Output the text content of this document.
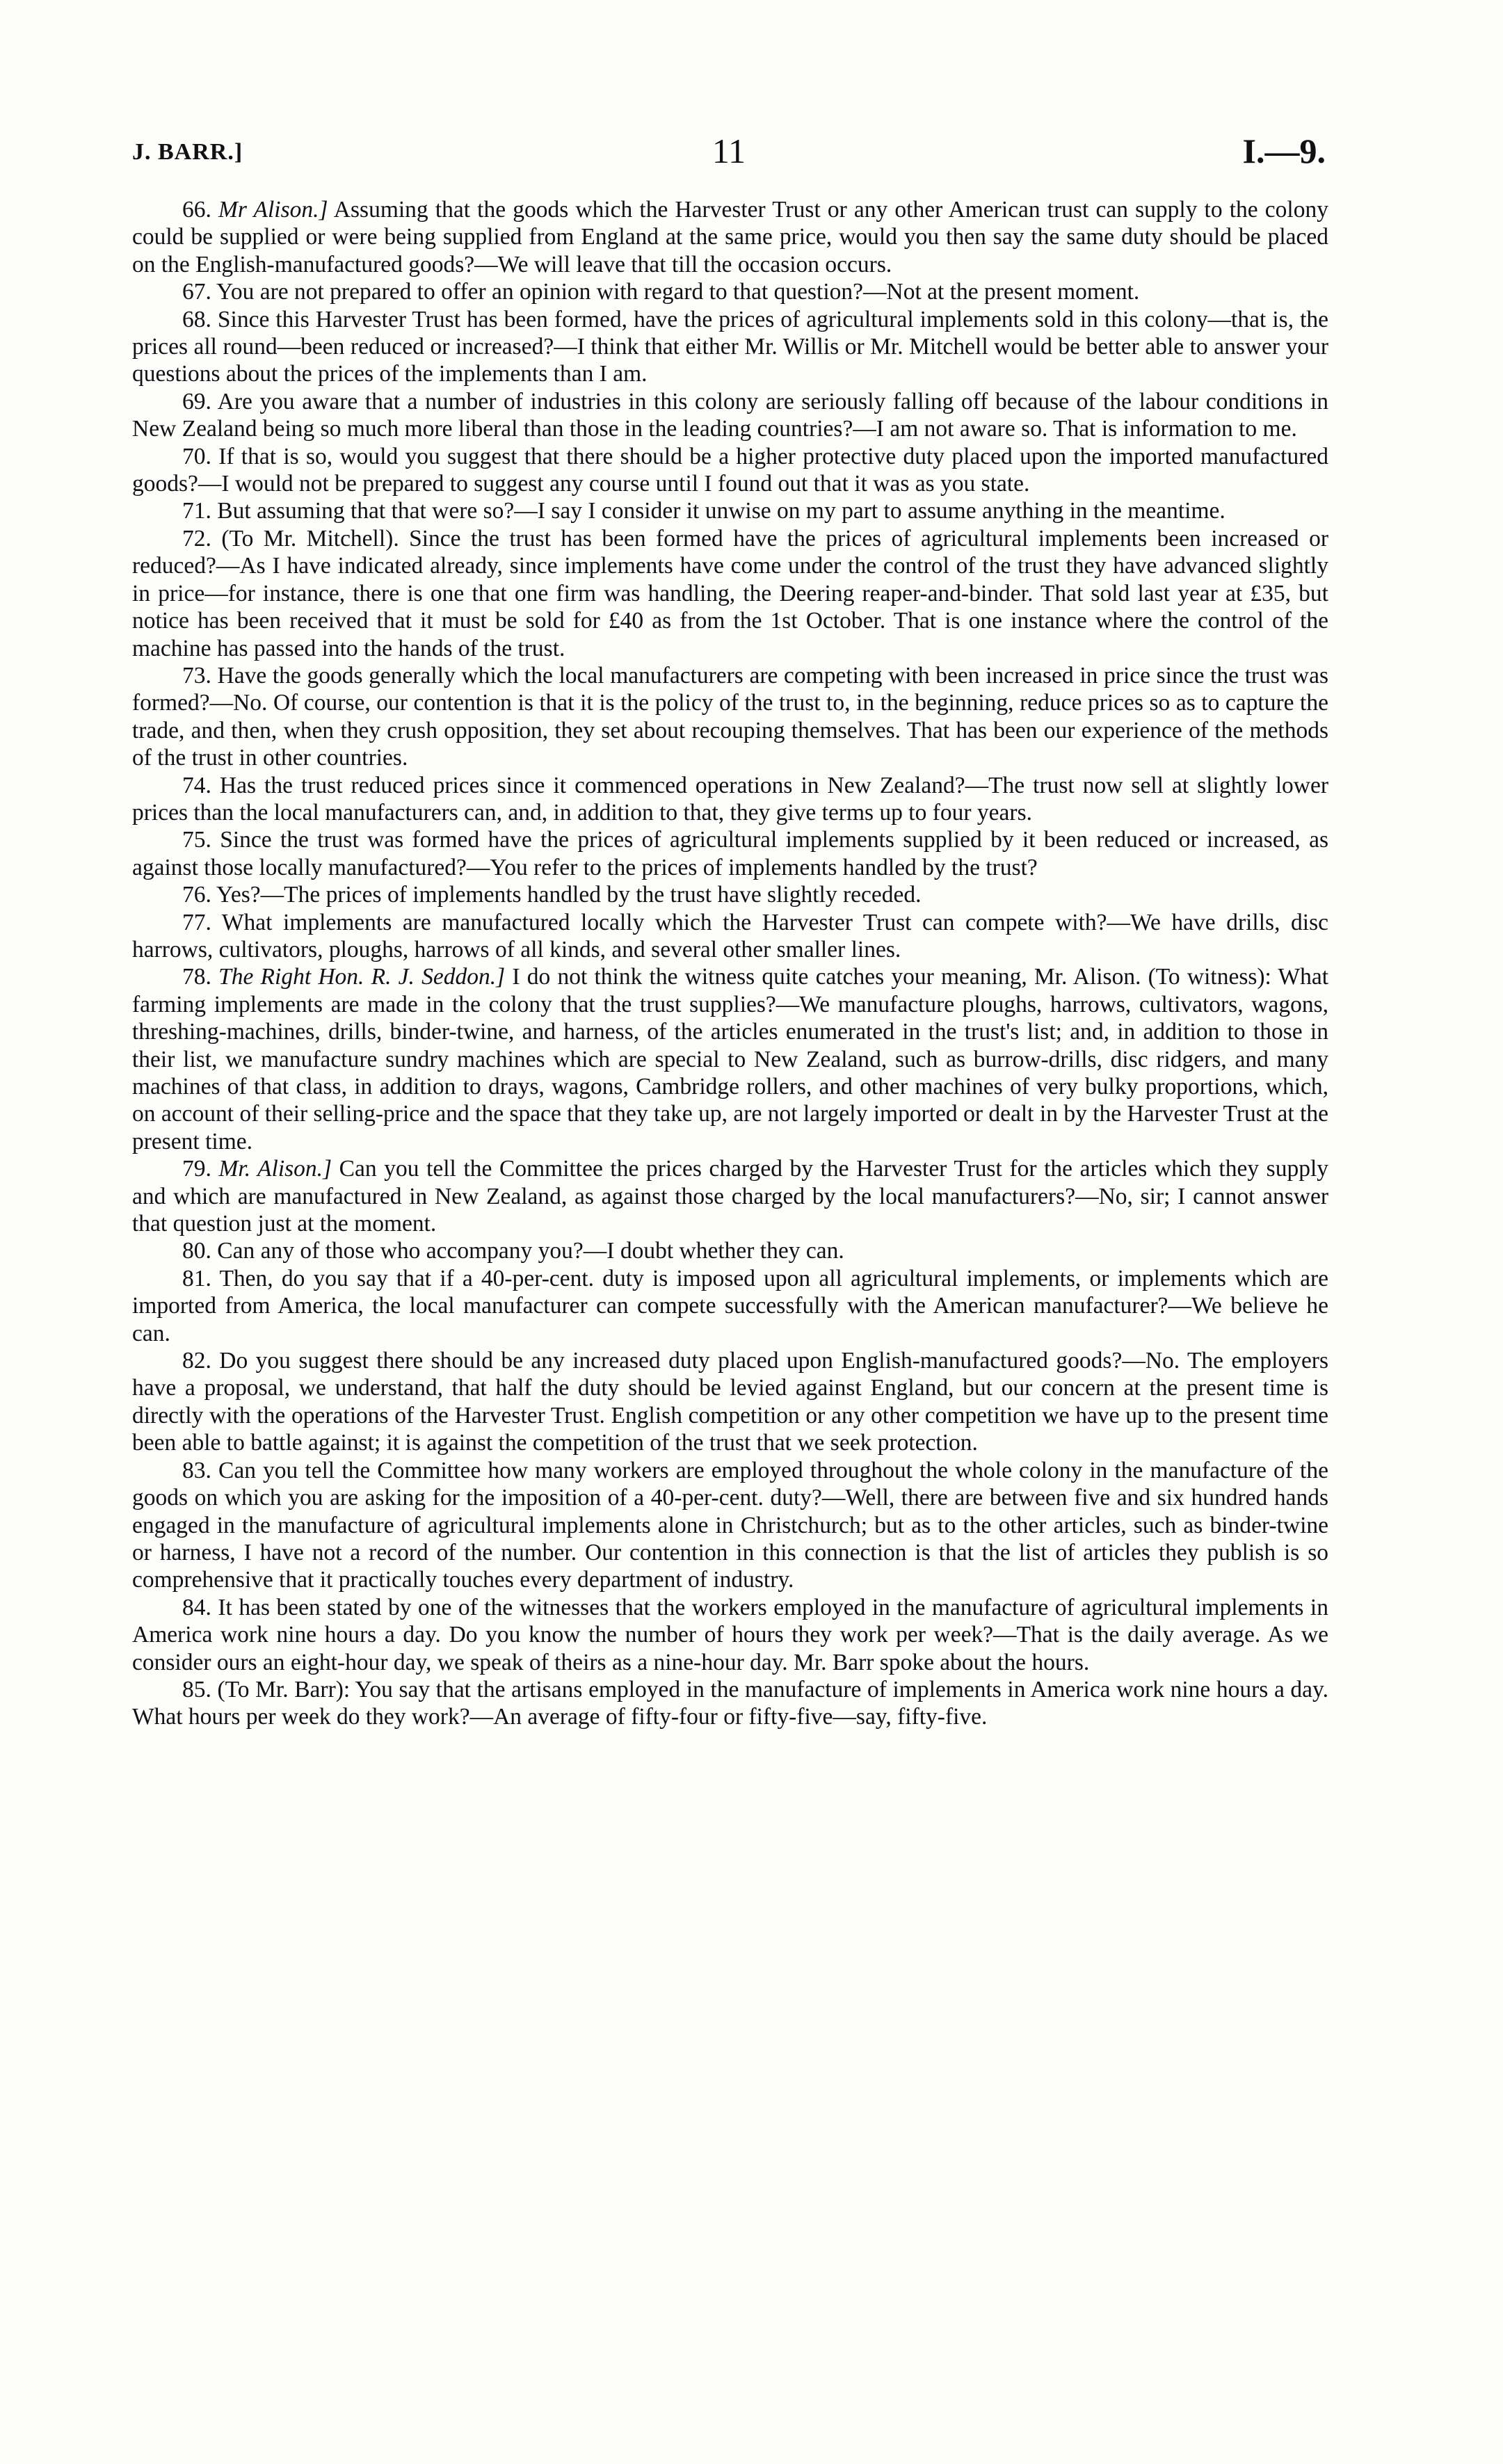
J. BARR.]	11	I.—9.

66. Mr Alison.] Assuming that the goods which the Harvester Trust or any other American trust can supply to the colony could be supplied or were being supplied from England at the same price, would you then say the same duty should be placed on the English-manufactured goods?—We will leave that till the occasion occurs.

67. You are not prepared to offer an opinion with regard to that question?—Not at the present moment.

68. Since this Harvester Trust has been formed, have the prices of agricultural implements sold in this colony—that is, the prices all round—been reduced or increased?—I think that either Mr. Willis or Mr. Mitchell would be better able to answer your questions about the prices of the implements than I am.

69. Are you aware that a number of industries in this colony are seriously falling off because of the labour conditions in New Zealand being so much more liberal than those in the leading countries?—I am not aware so. That is information to me.

70. If that is so, would you suggest that there should be a higher protective duty placed upon the imported manufactured goods?—I would not be prepared to suggest any course until I found out that it was as you state.

71. But assuming that that were so?—I say I consider it unwise on my part to assume anything in the meantime.

72. (To Mr. Mitchell). Since the trust has been formed have the prices of agricultural implements been increased or reduced?—As I have indicated already, since implements have come under the control of the trust they have advanced slightly in price—for instance, there is one that one firm was handling, the Deering reaper-and-binder. That sold last year at £35, but notice has been received that it must be sold for £40 as from the 1st October. That is one instance where the control of the machine has passed into the hands of the trust.

73. Have the goods generally which the local manufacturers are competing with been increased in price since the trust was formed?—No. Of course, our contention is that it is the policy of the trust to, in the beginning, reduce prices so as to capture the trade, and then, when they crush opposition, they set about recouping themselves. That has been our experience of the methods of the trust in other countries.

74. Has the trust reduced prices since it commenced operations in New Zealand?—The trust now sell at slightly lower prices than the local manufacturers can, and, in addition to that, they give terms up to four years.

75. Since the trust was formed have the prices of agricultural implements supplied by it been reduced or increased, as against those locally manufactured?—You refer to the prices of implements handled by the trust?

76. Yes?—The prices of implements handled by the trust have slightly receded.

77. What implements are manufactured locally which the Harvester Trust can compete with?—We have drills, disc harrows, cultivators, ploughs, harrows of all kinds, and several other smaller lines.

78. The Right Hon. R. J. Seddon.] I do not think the witness quite catches your meaning, Mr. Alison. (To witness): What farming implements are made in the colony that the trust supplies?—We manufacture ploughs, harrows, cultivators, wagons, threshing-machines, drills, binder-twine, and harness, of the articles enumerated in the trust's list; and, in addition to those in their list, we manufacture sundry machines which are special to New Zealand, such as burrow-drills, disc ridgers, and many machines of that class, in addition to drays, wagons, Cambridge rollers, and other machines of very bulky proportions, which, on account of their selling-price and the space that they take up, are not largely imported or dealt in by the Harvester Trust at the present time.

79. Mr. Alison.] Can you tell the Committee the prices charged by the Harvester Trust for the articles which they supply and which are manufactured in New Zealand, as against those charged by the local manufacturers?—No, sir; I cannot answer that question just at the moment.

80. Can any of those who accompany you?—I doubt whether they can.

81. Then, do you say that if a 40-per-cent. duty is imposed upon all agricultural implements, or implements which are imported from America, the local manufacturer can compete successfully with the American manufacturer?—We believe he can.

82. Do you suggest there should be any increased duty placed upon English-manufactured goods?—No. The employers have a proposal, we understand, that half the duty should be levied against England, but our concern at the present time is directly with the operations of the Harvester Trust. English competition or any other competition we have up to the present time been able to battle against; it is against the competition of the trust that we seek protection.

83. Can you tell the Committee how many workers are employed throughout the whole colony in the manufacture of the goods on which you are asking for the imposition of a 40-per-cent. duty?—Well, there are between five and six hundred hands engaged in the manufacture of agricultural implements alone in Christchurch; but as to the other articles, such as binder-twine or harness, I have not a record of the number. Our contention in this connection is that the list of articles they publish is so comprehensive that it practically touches every department of industry.

84. It has been stated by one of the witnesses that the workers employed in the manufacture of agricultural implements in America work nine hours a day. Do you know the number of hours they work per week?—That is the daily average. As we consider ours an eight-hour day, we speak of theirs as a nine-hour day. Mr. Barr spoke about the hours.

85. (To Mr. Barr): You say that the artisans employed in the manufacture of implements in America work nine hours a day. What hours per week do they work?—An average of fifty-four or fifty-five—say, fifty-five.
